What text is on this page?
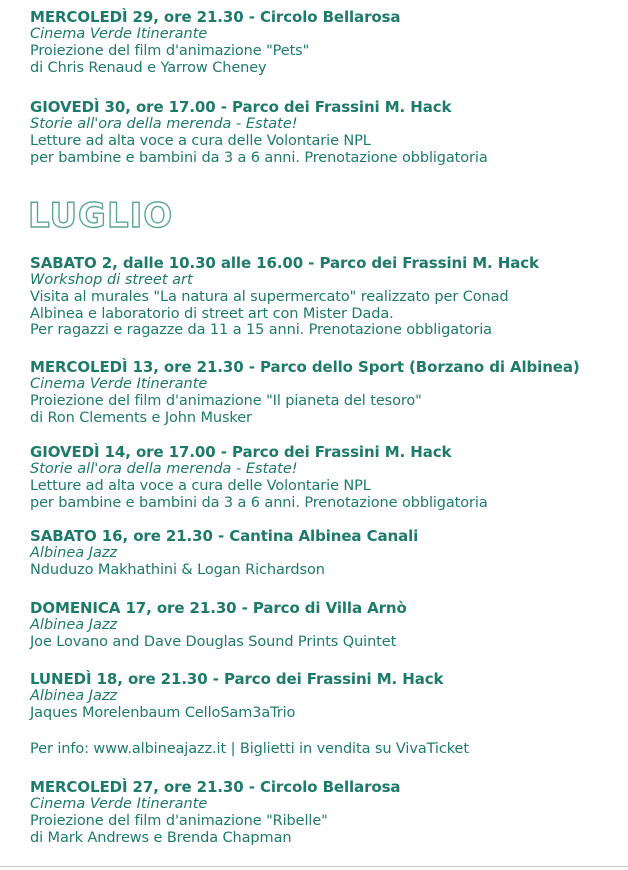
MERCOLEDÌ 29, ore 21.30 - Circolo Bellarosa
Cinema Verde Itinerante
Proiezione del film d'animazione "Pets"
di Chris Renaud e Yarrow Cheney
GIOVEDÌ 30, ore 17.00 - Parco dei Frassini M. Hack
Storie all'ora della merenda - Estate!
Letture ad alta voce a cura delle Volontarie NPL
per bambine e bambini da 3 a 6 anni. Prenotazione obbligatoria
LUGLIO
SABATO 2, dalle 10.30 alle 16.00 - Parco dei Frassini M. Hack
Workshop di street art
Visita al murales "La natura al supermercato" realizzato per Conad
Albinea e laboratorio di street art con Mister Dada.
Per ragazzi e ragazze da 11 a 15 anni. Prenotazione obbligatoria
MERCOLEDÌ 13, ore 21.30 - Parco dello Sport (Borzano di Albinea)
Cinema Verde Itinerante
Proiezione del film d'animazione "Il pianeta del tesoro"
di Ron Clements e John Musker
GIOVEDÌ 14, ore 17.00 - Parco dei Frassini M. Hack
Storie all'ora della merenda - Estate!
Letture ad alta voce a cura delle Volontarie NPL
per bambine e bambini da 3 a 6 anni. Prenotazione obbligatoria
SABATO 16, ore 21.30 - Cantina Albinea Canali
Albinea Jazz
Nduduzo Makhathini & Logan Richardson
DOMENICA 17, ore 21.30 - Parco di Villa Arnò
Albinea Jazz
Joe Lovano and Dave Douglas Sound Prints Quintet
LUNEDÌ 18, ore 21.30 - Parco dei Frassini M. Hack
Albinea Jazz
Jaques Morelenbaum CelloSam3aTrio
Per info: www.albineajazz.it | Biglietti in vendita su VivaTicket
MERCOLEDÌ 27, ore 21.30 - Circolo Bellarosa
Cinema Verde Itinerante
Proiezione del film d'animazione "Ribelle"
di Mark Andrews e Brenda Chapman
